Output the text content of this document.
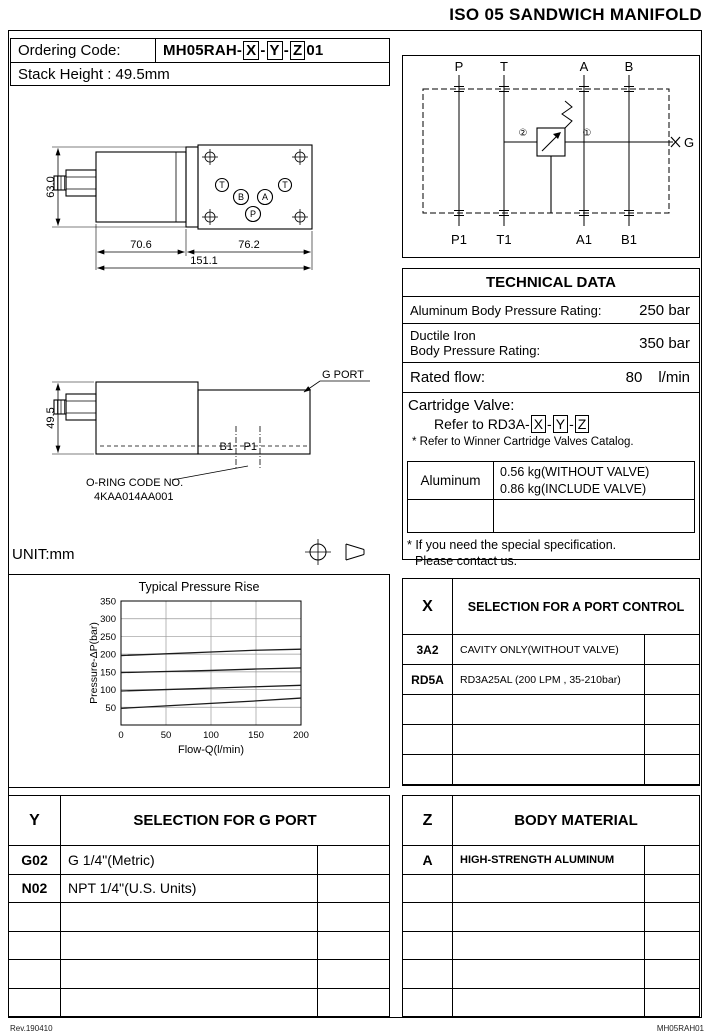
ISO 05 SANDWICH MANIFOLD
Ordering Code:	MH05RAH- X - Y - Z 01
Stack Height : 49.5mm
T
B A
P
T
63.0
70.6	76.2
151.1
B1 P1
G PORT
O-RING CODE NO.
4KAA014AA001
49.5
UNIT:mm
Typical Pressure Rise
0	50	100	150	200
50
100
150
200
250
300
350
Flow-Q(l/min)
Pressure-ΔP(bar)
P	T	A	B
②	①
G
P1 T1	A1 B1
TECHNICAL DATA
Aluminum Body Pressure Rating:	250 bar
Ductile Iron
Body Pressure Rating:	350 bar
Rated flow:	80 l/min
Cartridge Valve:
Refer to RD3A- X - Y - Z
* Refer to Winner Cartridge Valves Catalog.
Aluminum
0.56 kg(WITHOUT VALVE)
0.86 kg(INCLUDE VALVE)
* If you need the special specification.
Please contact us.
X	SELECTION FOR A PORT CONTROL
3A2	CAVITY ONLY(WITHOUT VALVE)
RD5A	RD3A25AL (200 LPM , 35-210bar)
Y	SELECTION FOR G PORT
G02	G 1/4"(Metric)
N02	NPT 1/4"(U.S. Units)
Z	BODY MATERIAL
A	HIGH-STRENGTH ALUMINUM
Rev.190410	MH05RAH01
